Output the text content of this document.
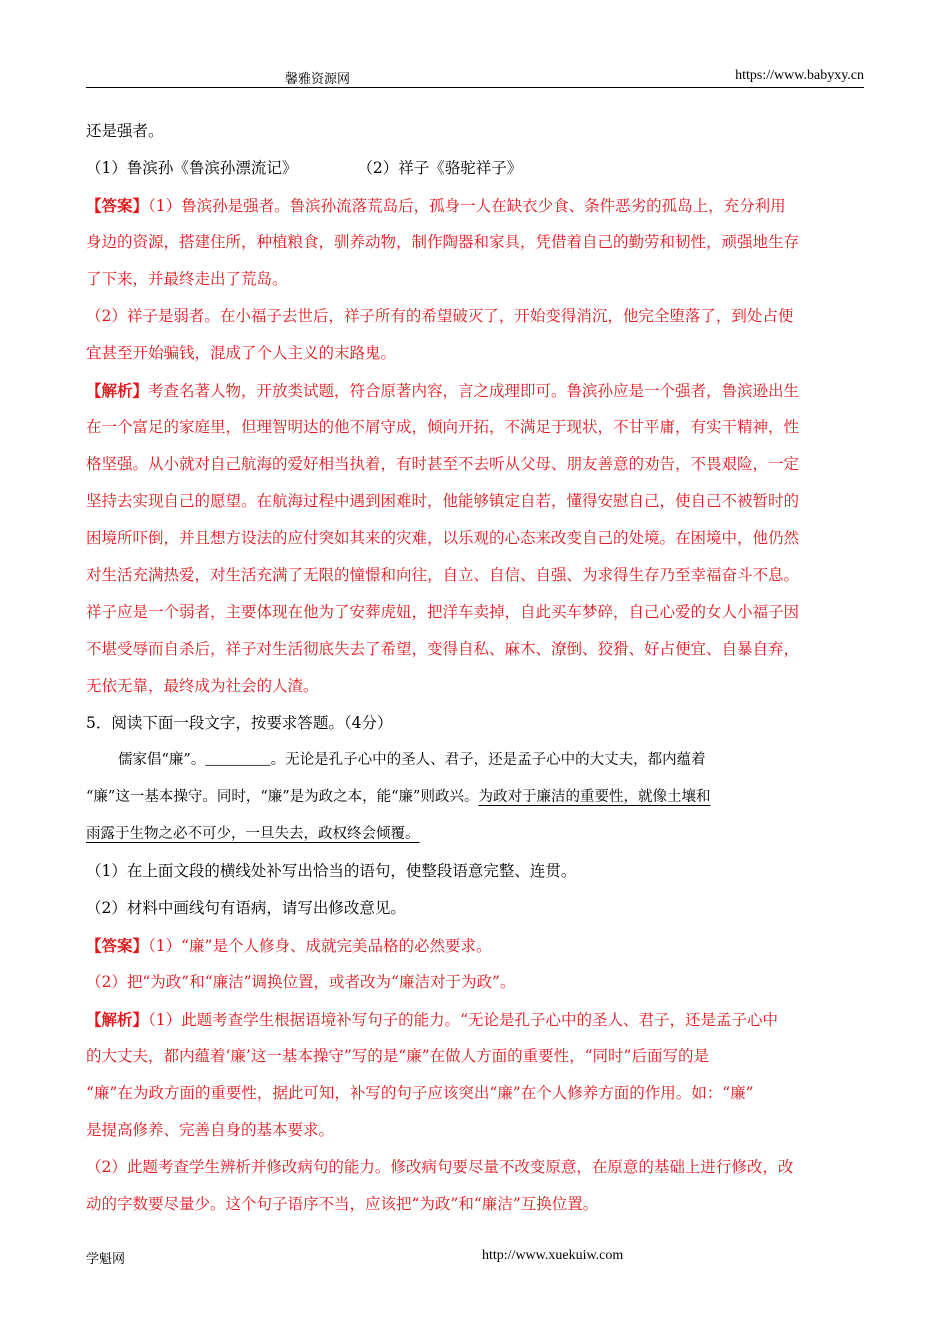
馨雅资源网	https://www.babyxy.cn
还是强者。
（1）鲁滨孙《鲁滨孙漂流记》	（2）祥子《骆驼祥子》
【答案】（1）鲁滨孙是强者。鲁滨孙流落荒岛后，孤身一人在缺衣少食、条件恶劣的孤岛上，充分利用
身边的资源，搭建住所，种植粮食，驯养动物，制作陶器和家具，凭借着自己的勤劳和韧性，顽强地生存
了下来，并最终走出了荒岛。
（2）祥子是弱者。在小福子去世后，祥子所有的希望破灭了，开始变得消沉，他完全堕落了，到处占便
宜甚至开始骗钱，混成了个人主义的末路鬼。
【解析】考查名著人物，开放类试题，符合原著内容，言之成理即可。鲁滨孙应是一个强者，鲁滨逊出生
在一个富足的家庭里，但理智明达的他不屑守成，倾向开拓，不满足于现状，不甘平庸，有实干精神，性
格坚强。从小就对自己航海的爱好相当执着，有时甚至不去听从父母、朋友善意的劝告，不畏艰险，一定
坚持去实现自己的愿望。在航海过程中遇到困难时，他能够镇定自若，懂得安慰自己，使自己不被暂时的
困境所吓倒，并且想方设法的应付突如其来的灾难，以乐观的心态来改变自己的处境。在困境中，他仍然
对生活充满热爱，对生活充满了无限的憧憬和向往，自立、自信、自强、为求得生存乃至幸福奋斗不息。
祥子应是一个弱者，主要体现在他为了安葬虎妞，把洋车卖掉，自此买车梦碎，自己心爱的女人小福子因
不堪受辱而自杀后，祥子对生活彻底失去了希望，变得自私、麻木、潦倒、狡猾、好占便宜、自暴自弃，
无依无靠，最终成为社会的人渣。
5．阅读下面一段文字，按要求答题。（4分）
儒家倡“廉”。_________。无论是孔子心中的圣人、君子，还是孟子心中的大丈夫，都内蕴着
“廉”这一基本操守。同时，“廉”是为政之本，能“廉”则政兴。为政对于廉洁的重要性，就像土壤和
雨露于生物之必不可少，一旦失去，政权终会倾覆。
（1）在上面文段的横线处补写出恰当的语句，使整段语意完整、连贯。
（2）材料中画线句有语病，请写出修改意见。
【答案】（1）“廉”是个人修身、成就完美品格的必然要求。
（2）把“为政”和“廉洁”调换位置，或者改为“廉洁对于为政”。
【解析】（1）此题考查学生根据语境补写句子的能力。“无论是孔子心中的圣人、君子，还是孟子心中
的大丈夫，都内蕴着‘廉’这一基本操守”写的是“廉”在做人方面的重要性，“同时”后面写的是
“廉”在为政方面的重要性，据此可知，补写的句子应该突出“廉”在个人修养方面的作用。如：“廉”
是提高修养、完善自身的基本要求。
（2）此题考查学生辨析并修改病句的能力。修改病句要尽量不改变原意，在原意的基础上进行修改，改
动的字数要尽量少。这个句子语序不当，应该把“为政”和“廉洁”互换位置。
学魁网	http://www.xuekuiw.com
